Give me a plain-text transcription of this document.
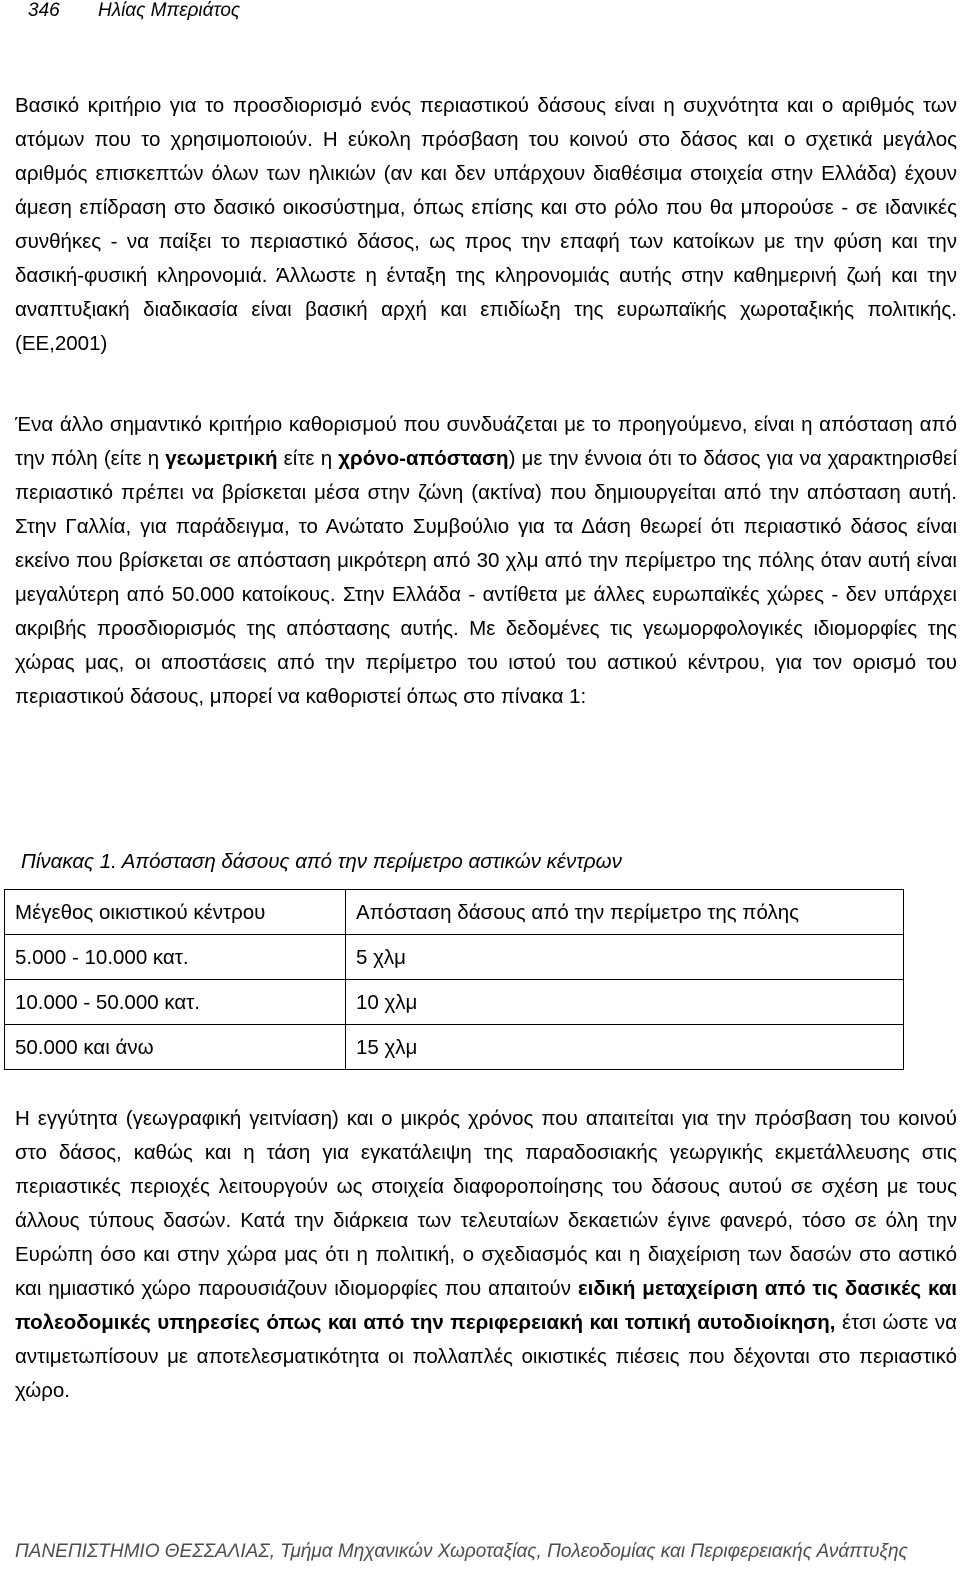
346 Ηλίας Μπεριάτος

Βασικό κριτήριο για το προσδιορισμό ενός περιαστικού δάσους είναι η συχνότητα και ο αριθμός των ατόμων που το χρησιμοποιούν. Η εύκολη πρόσβαση του κοινού στο δάσος και ο σχετικά μεγάλος αριθμός επισκεπτών όλων των ηλικιών (αν και δεν υπάρχουν διαθέσιμα στοιχεία στην Ελλάδα) έχουν άμεση επίδραση στο δασικό οικοσύστημα, όπως επίσης και στο ρόλο που θα μπορούσε - σε ιδανικές συνθήκες - να παίξει το περιαστικό δάσος, ως προς την επαφή των κατοίκων με την φύση και την δασική-φυσική κληρονομιά. Άλλωστε η ένταξη της κληρονομιάς αυτής στην καθημερινή ζωή και την αναπτυξιακή διαδικασία είναι βασική αρχή και επιδίωξη της ευρωπαϊκής χωροταξικής πολιτικής. (ΕΕ,2001)

Ένα άλλο σημαντικό κριτήριο καθορισμού που συνδυάζεται με το προηγούμενο, είναι η απόσταση από την πόλη (είτε η γεωμετρική είτε η χρόνο-απόσταση) με την έννοια ότι το δάσος για να χαρακτηρισθεί περιαστικό πρέπει να βρίσκεται μέσα στην ζώνη (ακτίνα) που δημιουργείται από την απόσταση αυτή. Στην Γαλλία, για παράδειγμα, το Ανώτατο Συμβούλιο για τα Δάση θεωρεί ότι περιαστικό δάσος είναι εκείνο που βρίσκεται σε απόσταση μικρότερη από 30 χλμ από την περίμετρο της πόλης όταν αυτή είναι μεγαλύτερη από 50.000 κατοίκους. Στην Ελλάδα - αντίθετα με άλλες ευρωπαϊκές χώρες - δεν υπάρχει ακριβής προσδιορισμός της απόστασης αυτής. Με δεδομένες τις γεωμορφολογικές ιδιομορφίες της χώρας μας, οι αποστάσεις από την περίμετρο του ιστού του αστικού κέντρου, για τον ορισμό του περιαστικού δάσους, μπορεί να καθοριστεί όπως στο πίνακα 1:

Πίνακας 1. Απόσταση δάσους από την περίμετρο αστικών κέντρων
Μέγεθος οικιστικού κέντρου	Απόσταση δάσους από την περίμετρο της πόλης
5.000 - 10.000 κατ.	5 χλμ
10.000 - 50.000 κατ.	10 χλμ
50.000 και άνω	15 χλμ

Η εγγύτητα (γεωγραφική γειτνίαση) και ο μικρός χρόνος που απαιτείται για την πρόσβαση του κοινού στο δάσος, καθώς και η τάση για εγκατάλειψη της παραδοσιακής γεωργικής εκμετάλλευσης στις περιαστικές περιοχές λειτουργούν ως στοιχεία διαφοροποίησης του δάσους αυτού σε σχέση με τους άλλους τύπους δασών. Κατά την διάρκεια των τελευταίων δεκαετιών έγινε φανερό, τόσο σε όλη την Ευρώπη όσο και στην χώρα μας ότι η πολιτική, ο σχεδιασμός και η διαχείριση των δασών στο αστικό και ημιαστικό χώρο παρουσιάζουν ιδιομορφίες που απαιτούν ειδική μεταχείριση από τις δασικές και πολεοδομικές υπηρεσίες όπως και από την περιφερειακή και τοπική αυτοδιοίκηση, έτσι ώστε να αντιμετωπίσουν με αποτελεσματικότητα οι πολλαπλές οικιστικές πιέσεις που δέχονται στο περιαστικό χώρο.

ΠΑΝΕΠΙΣΤΗΜΙΟ ΘΕΣΣΑΛΙΑΣ, Τμήμα Μηχανικών Χωροταξίας, Πολεοδομίας και Περιφερειακής Ανάπτυξης
